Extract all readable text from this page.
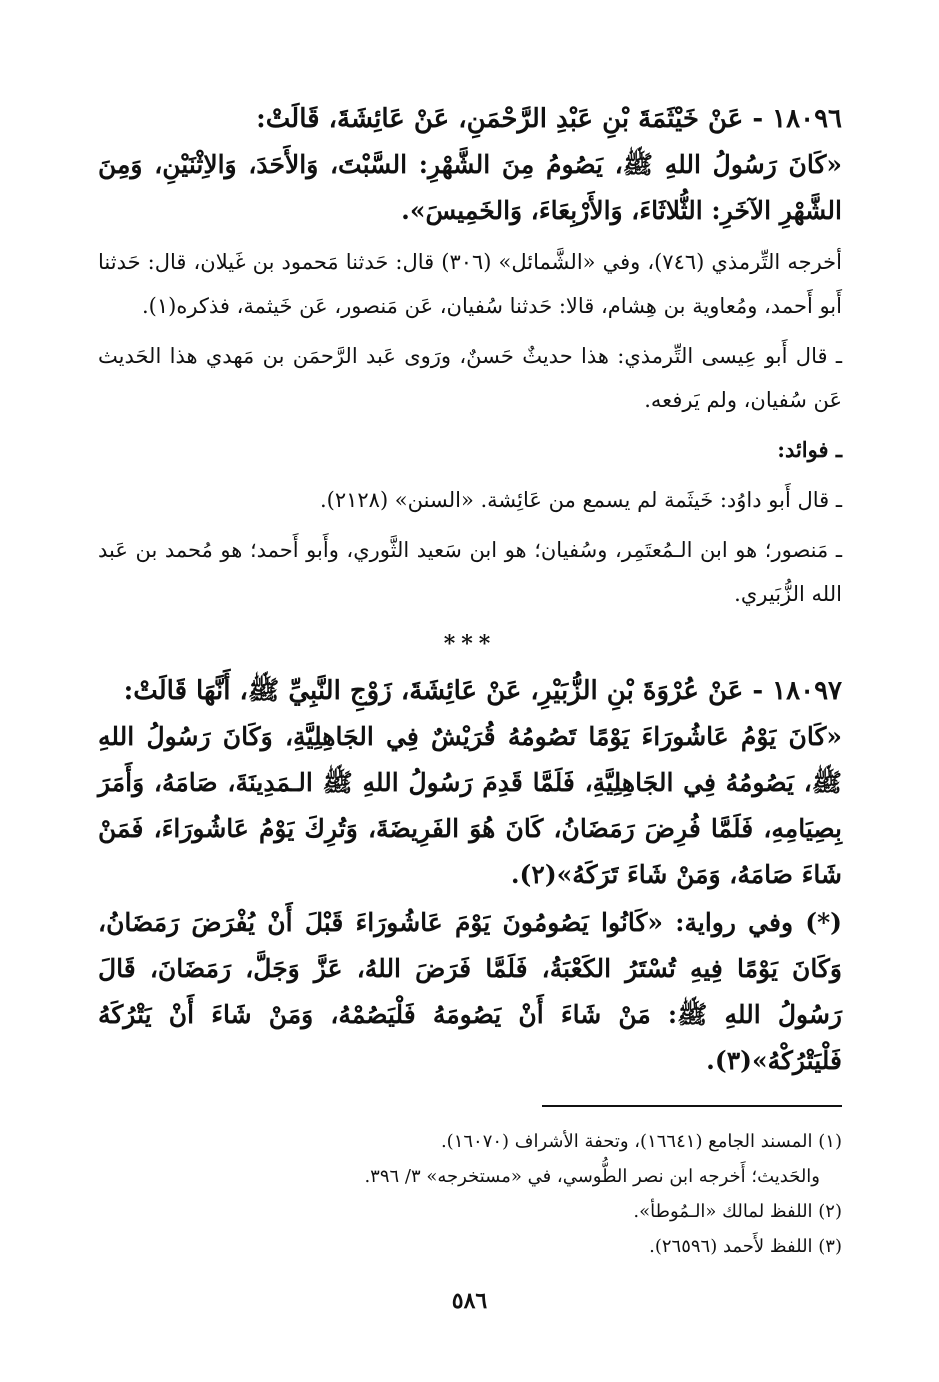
١٨٠٩٦ - عَنْ خَيْثَمَةَ بْنِ عَبْدِ الرَّحْمَنِ، عَنْ عَائِشَةَ، قَالَتْ:

«كَانَ رَسُولُ اللهِ ﷺ، يَصُومُ مِنَ الشَّهْرِ: السَّبْتَ، وَالأَحَدَ، وَالاِثْنَيْنِ، وَمِنَ الشَّهْرِ الآخَرِ: الثُّلاثَاءَ، وَالأَرْبِعَاءَ، وَالخَمِيسَ».

أخرجه التِّرمذي (٧٤٦)، وفي «الشَّمائل» (٣٠٦) قال: حَدثنا مَحمود بن غَيلان، قال: حَدثنا أَبو أَحمد، ومُعاوية بن هِشام، قالا: حَدثنا سُفيان، عَن مَنصور، عَن خَيثمة، فذكره(١).

ـ قال أَبو عِيسى التِّرمذي: هذا حديثٌ حَسنٌ، ورَوى عَبد الرَّحمَن بن مَهدي هذا الحَديث عَن سُفيان، ولم يَرفعه.

ـ فوائد:

ـ قال أَبو داوُد: خَيثَمة لم يسمع من عَائِشة. «السنن» (٢١٢٨).

ـ مَنصور؛ هو ابن الـمُعتَمِر، وسُفيان؛ هو ابن سَعيد الثَّوري، وأَبو أَحمد؛ هو مُحمد بن عَبد الله الزُّبَيري.

***

١٨٠٩٧ - عَنْ عُرْوَةَ بْنِ الزُّبَيْرِ، عَنْ عَائِشَةَ، زَوْجِ النَّبِيِّ ﷺ، أَنَّهَا قَالَتْ:

«كَانَ يَوْمُ عَاشُورَاءَ يَوْمًا تَصُومُهُ قُرَيْشٌ فِي الجَاهِلِيَّةِ، وَكَانَ رَسُولُ اللهِ ﷺ، يَصُومُهُ فِي الجَاهِلِيَّةِ، فَلَمَّا قَدِمَ رَسُولُ اللهِ ﷺ الـمَدِينَةَ، صَامَهُ، وَأَمَرَ بِصِيَامِهِ، فَلَمَّا فُرِضَ رَمَضَانُ، كَانَ هُوَ الفَرِيضَةَ، وَتُرِكَ يَوْمُ عَاشُورَاءَ، فَمَنْ شَاءَ صَامَهُ، وَمَنْ شَاءَ تَرَكَهُ»(٢).

(*) وفي رواية: «كَانُوا يَصُومُونَ يَوْمَ عَاشُورَاءَ قَبْلَ أَنْ يُفْرَضَ رَمَضَانُ، وَكَانَ يَوْمًا فِيهِ تُسْتَرُ الكَعْبَةُ، فَلَمَّا فَرَضَ اللهُ، عَزَّ وَجَلَّ، رَمَضَانَ، قَالَ رَسُولُ اللهِ ﷺ: مَنْ شَاءَ أَنْ يَصُومَهُ فَلْيَصُمْهُ، وَمَنْ شَاءَ أَنْ يَتْرُكَهُ فَلْيَتْرُكْهُ»(٣).

(١) المسند الجامع (١٦٦٤١)، وتحفة الأشراف (١٦٠٧٠).

والحَديث؛ أَخرجه ابن نصر الطُّوسي، في «مستخرجه» ٣/ ٣٩٦.

(٢) اللفظ لمالك «الـمُوطأ».

(٣) اللفظ لأَحمد (٢٦٥٩٦).

٥٨٦
